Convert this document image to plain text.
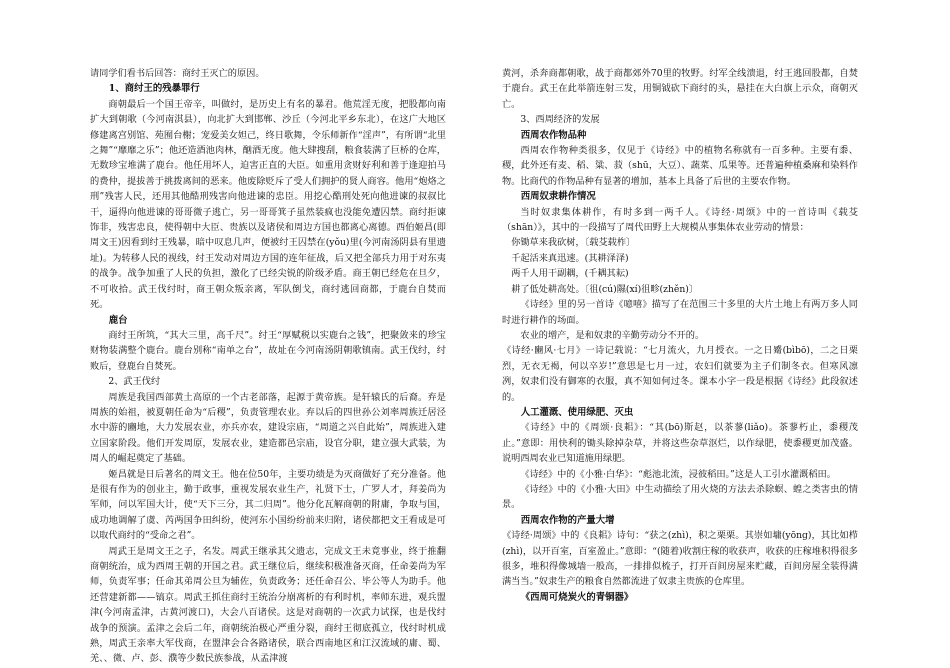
请同学们看书后回答：商纣王灭亡的原因。

1、商纣王的残暴罪行

商朝最后一个国王帝辛，叫做纣，是历史上有名的暴君。他荒淫无度，把股都向南扩大到朝歌（今河南淇县），向北扩大到邯郸、沙丘（今河北平乡东北），在这广大地区修建离宫别馆、苑囿台榭；宠爱美女妲己，终日歌舞，令乐师新作“淫声”，有所谓“北里之舞”“靡靡之乐”；他还造酒池肉林，酗酒无度。他大肆搜刮，粮食装满了巨桥的仓库，无数珍宝堆满了鹿台。他任用坏人，迫害正直的大臣。如重用贪财好利和善于逢迎拍马的费仲，提拔善于挑拨离间的恶来。他废除贬斥了受人们拥护的贤人商容。他用“炮烙之刑”残害人民，还用其他酷刑残害向他进谏的忠臣。用挖心酷刑处死向他进谏的叔叔比干，逼得向他进谏的哥哥微子逃亡，另一哥哥箕子虽然装疯也没能免遭囚禁。商纣拒谏饰非，残害忠良，使得朝中大臣、贵族以及诸侯和周边方国也都离心离德。西伯姬昌(即周文王)因看到纣王残暴，暗中叹息几声，便被纣王囚禁在(yǒu)里(今河南汤阴县有里遗址)。为转移人民的视线，纣王发动对周边方国的连年征战，后又把全部兵力用于对东夷的战争。战争加重了人民的负担，激化了已经尖锐的阶级矛盾。商王朝已经危在旦夕，不可收拾。武王伐纣时，商王朝众叛亲离，军队倒戈，商纣逃回商都，于鹿台自焚而死。

鹿台

商纣王所筑，“其大三里，高千尺”。纣王“厚赋税以实鹿台之钱”，把聚敛来的珍宝财物装满整个鹿台。鹿台别称“南单之台”，故址在今河南汤阴朝歌镇南。武王伐纣，纣败后，登鹿台自焚死。

2、武王伐纣

周族是我国西部黄土高原的一个古老部落，起源于黄帝族。是轩辕氏的后裔。弃是周族的始祖，被夏朝任命为“后稷”，负责管理农业。弃以后的四世孙公刘率周族迁居泾水中游的豳地，大力发展农业，亦兵亦农，建设宗庙，“周道之兴自此始”，周族进入建立国家阶段。他们开发周原，发展农业，建造都邑宗庙，设官分职，建立强大武装，为周人的崛起奠定了基础。

姬昌就是日后著名的周文王。他在位50年，主要功绩是为灭商做好了充分准备。他是很有作为的创业主，勤于政事，重视发展农业生产，礼贤下士，广罗人才，拜姜尚为军师，问以军国大计，使“天下三分，其二归周”。他分化瓦解商朝的附庸，争取与国，成功地调解了虞、芮两国争田纠纷，使河东小国纷纷前来归附，诸侯都把文王看成是可以取代商纣的“受命之君”。

周武王是周文王之子，名发。周武王继承其父遗志，完成文王未竟事业，终于推翻商朝统治，成为西周王朝的开国之君。武王继位后，继续积极准备灭商，任命姜尚为军师，负责军事；任命其弟周公旦为辅佐，负责政务；还任命召公、毕公等人为助手。他还营建新都——镐京。周武王抓住商纣王统治分崩离析的有利时机，率师东进，观兵盟津(今河南孟津，古黄河渡口)，大会八百诸侯。这是对商朝的一次武力试探，也是伐纣战争的预演。孟津之会后二年，商朝统治极心严重分裂，商纣王彻底孤立，伐纣时机成熟，周武王亲率大军伐商，在盟津会合各路诸侯，联合西南地区和江汉流域的庸、蜀、羌、、微、卢、彭、濮等少数民族参战，从孟津渡

黄河，杀奔商都朝歌，战于商都郊外70里的牧野。纣军全线溃退，纣王逃回股都，自焚于鹿台。武王在此举箭连射三发，用铜钺砍下商纣的头，悬挂在大白旗上示众，商朝灭亡。

3、西周经济的发展

西周农作物品种

西周农作物种类很多，仅见于《诗经》中的植物名称就有一百多种。主要有黍、稷，此外还有麦、稻、粱、菽（shū，大豆）、蔬菜、瓜果等。还普遍种植桑麻和染料作物。比商代的作物品种有显著的增加，基本上具备了后世的主要农作物。

西周奴隶耕作情况

当时奴隶集体耕作，有时多到一两千人。《诗经·周颂》中的一首诗叫《载芟（shān）》，其中的一段描写了周代田野上大规模从事集体农业劳动的情景：

你锄草来我砍树，〔载芟载柞〕

千起活来真迅速。(其耕泽泽)

两千人用干副耦，(千耦其耘)

耕了低处耕高处。〔徂(cú)隰(xí)徂畛(zhěn)〕

《诗经》里的另一首诗《噫嘻》描写了在范围三十多里的大片土地上有两万多人同时进行耕作的场面。

农业的增产，是和奴隶的辛勤劳动分不开的。

《诗经·豳风·七月》一诗记载说：“七月流火，九月授衣。一之日觱(bìbō)，二之日栗烈，无衣无褐，何以卒岁!”意思是七月一过，农妇们就要为主子们制冬衣。但寒风凛冽，奴隶们没有御寒的衣服，真不知如何过冬。课本小字一段是根据《诗经》此段叙述的。

人工灌溉、使用绿肥、灭虫

《诗经》中的《周颂·良耜》：“其(bō)斯赵，以茶蓼(liǎo)。茶蓼朽止，黍稷茂止。”意即：用快利的锄头除掉杂草，并将这些杂草沤烂，以作绿肥，使黍稷更加茂盛。说明西周农业已知道施用绿肥。

《诗经》中的《小雅·白华》：“彪池北流，浸彼稻田。”这是人工引水灌溉稻田。

《诗经》中的《小雅·大田》中生动描绘了用火烧的方法去杀除螟、蝗之类害虫的情景。

西周农作物的产量大增

《诗经·周颂》中的《良耜》诗句：“获之(zhì)，积之栗栗。其崇如墉(yōng)，其比如栉(zhì)，以开百室，百室盈止。”意即：“(随着)收割庄稼的收获声，收获的庄稼堆积得很多很多，堆积得像城墙一般高，一排排似梳子，打开百间房屋来贮藏，百间房屋全装得满满当当。”奴隶生产的粮食自然都流进了奴隶主贵族的仓库里。

《西周可烧炭火的青铜器》
